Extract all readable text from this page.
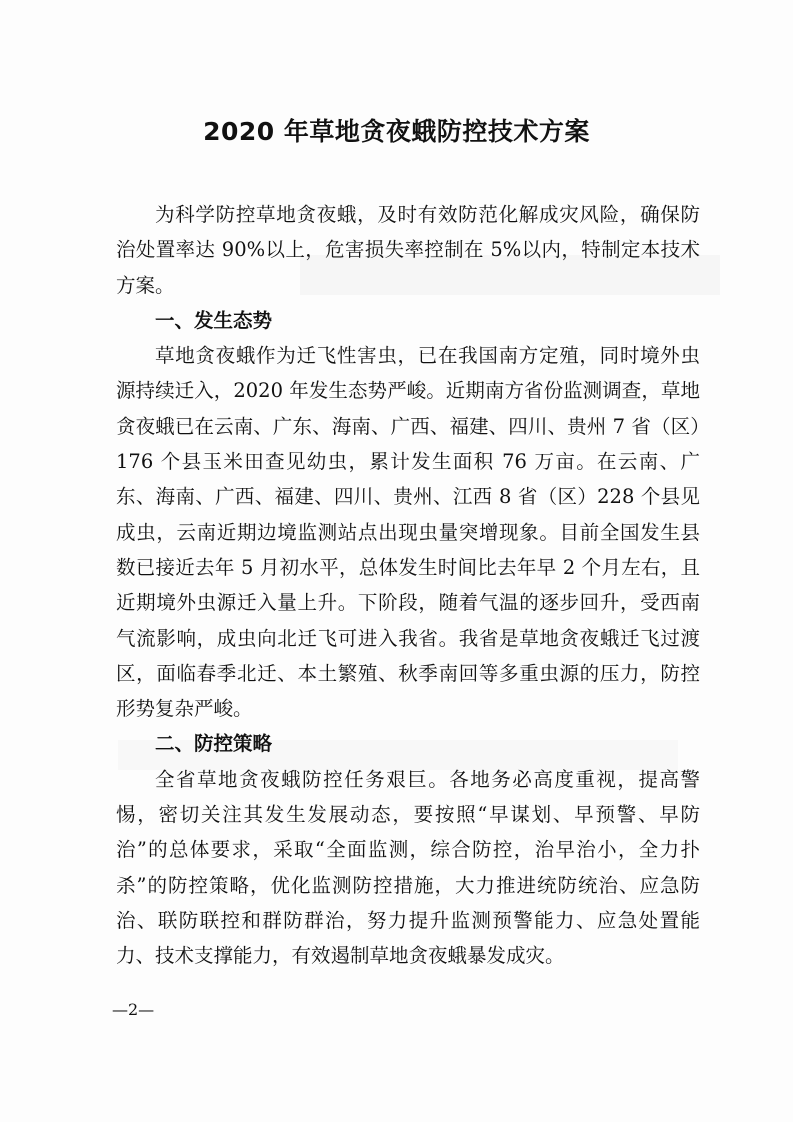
2020 年草地贪夜蛾防控技术方案

为科学防控草地贪夜蛾，及时有效防范化解成灾风险，确保防治处置率达 90%以上，危害损失率控制在 5%以内，特制定本技术方案。

一、发生态势

草地贪夜蛾作为迁飞性害虫，已在我国南方定殖，同时境外虫源持续迁入，2020 年发生态势严峻。近期南方省份监测调查，草地贪夜蛾已在云南、广东、海南、广西、福建、四川、贵州 7 省（区）176 个县玉米田查见幼虫，累计发生面积 76 万亩。在云南、广东、海南、广西、福建、四川、贵州、江西 8 省（区）228 个县见成虫，云南近期边境监测站点出现虫量突增现象。目前全国发生县数已接近去年 5 月初水平，总体发生时间比去年早 2 个月左右，且近期境外虫源迁入量上升。下阶段，随着气温的逐步回升，受西南气流影响，成虫向北迁飞可进入我省。我省是草地贪夜蛾迁飞过渡区，面临春季北迁、本土繁殖、秋季南回等多重虫源的压力，防控形势复杂严峻。

二、防控策略

全省草地贪夜蛾防控任务艰巨。各地务必高度重视，提高警惕，密切关注其发生发展动态，要按照“早谋划、早预警、早防治”的总体要求，采取“全面监测，综合防控，治早治小，全力扑杀”的防控策略，优化监测防控措施，大力推进统防统治、应急防治、联防联控和群防群治，努力提升监测预警能力、应急处置能力、技术支撑能力，有效遏制草地贪夜蛾暴发成灾。

—2—
